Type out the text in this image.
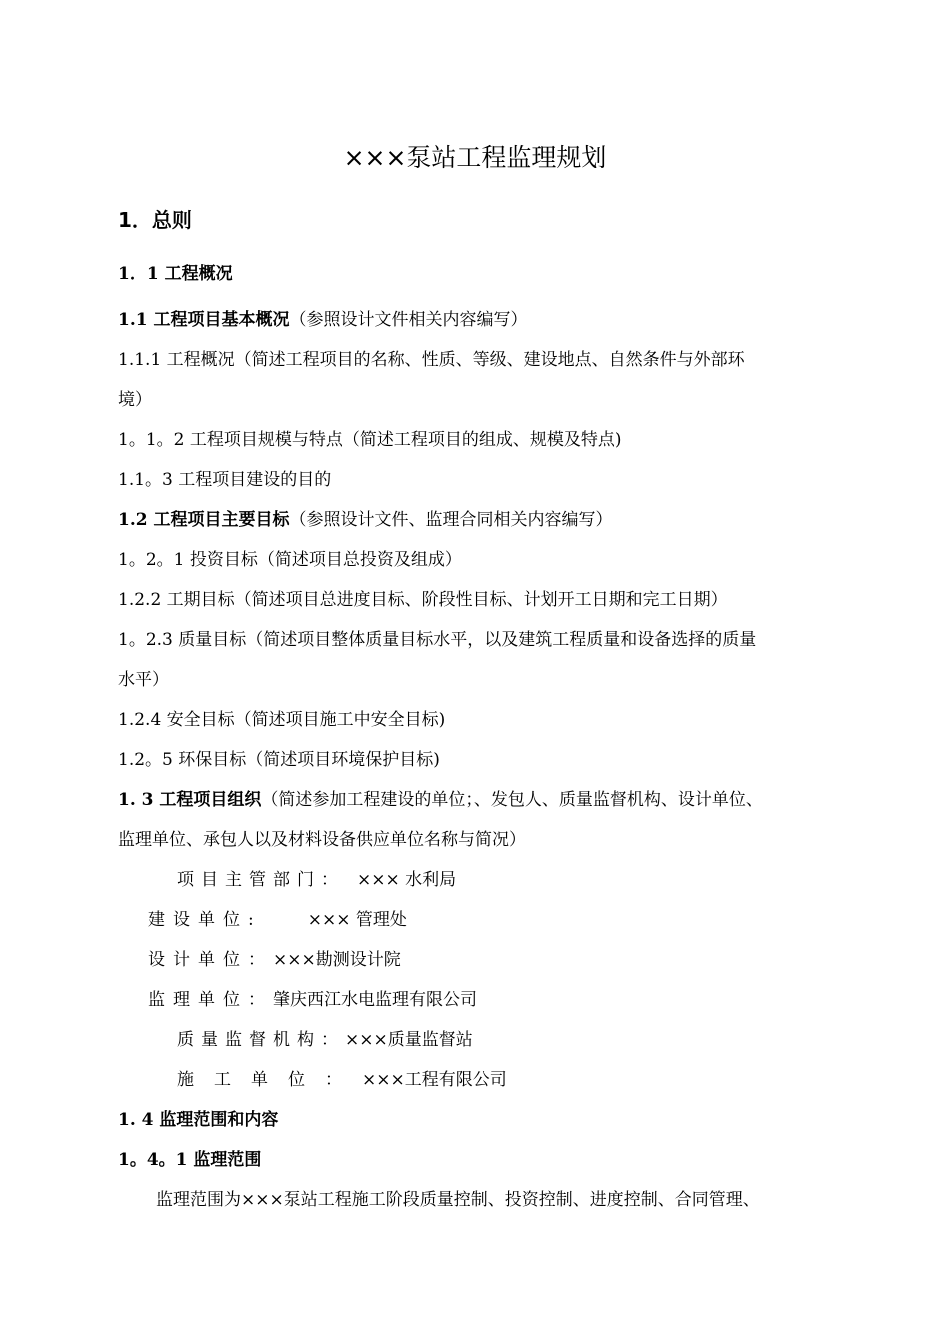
×××泵站工程监理规划
1．总则
1．1 工程概况
1.1 工程项目基本概况（参照设计文件相关内容编写）
1.1.1 工程概况（简述工程项目的名称、性质、等级、建设地点、自然条件与外部环
境）
1。1。2 工程项目规模与特点（简述工程项目的组成、规模及特点)
1.1。3 工程项目建设的目的
1.2 工程项目主要目标（参照设计文件、监理合同相关内容编写）
1。2。1 投资目标（简述项目总投资及组成）
1.2.2 工期目标（简述项目总进度目标、阶段性目标、计划开工日期和完工日期）
1。2.3 质量目标（简述项目整体质量目标水平，以及建筑工程质量和设备选择的质量
水平）
1.2.4 安全目标（简述项目施工中安全目标)
1.2。5 环保目标（简述项目环境保护目标)
1. 3 工程项目组织（简述参加工程建设的单位；、发包人、质量监督机构、设计单位、
监理单位、承包人以及材料设备供应单位名称与简况）
项目主管部门： ××× 水利局
建设单位:	××× 管理处
设计单位：×××勘测设计院
监理单位：肇庆西江水电监理有限公司
质量监督机构：×××质量监督站
施工单位：×××工程有限公司
1. 4 监理范围和内容
1。4。1 监理范围
监理范围为×××泵站工程施工阶段质量控制、投资控制、进度控制、合同管理、
